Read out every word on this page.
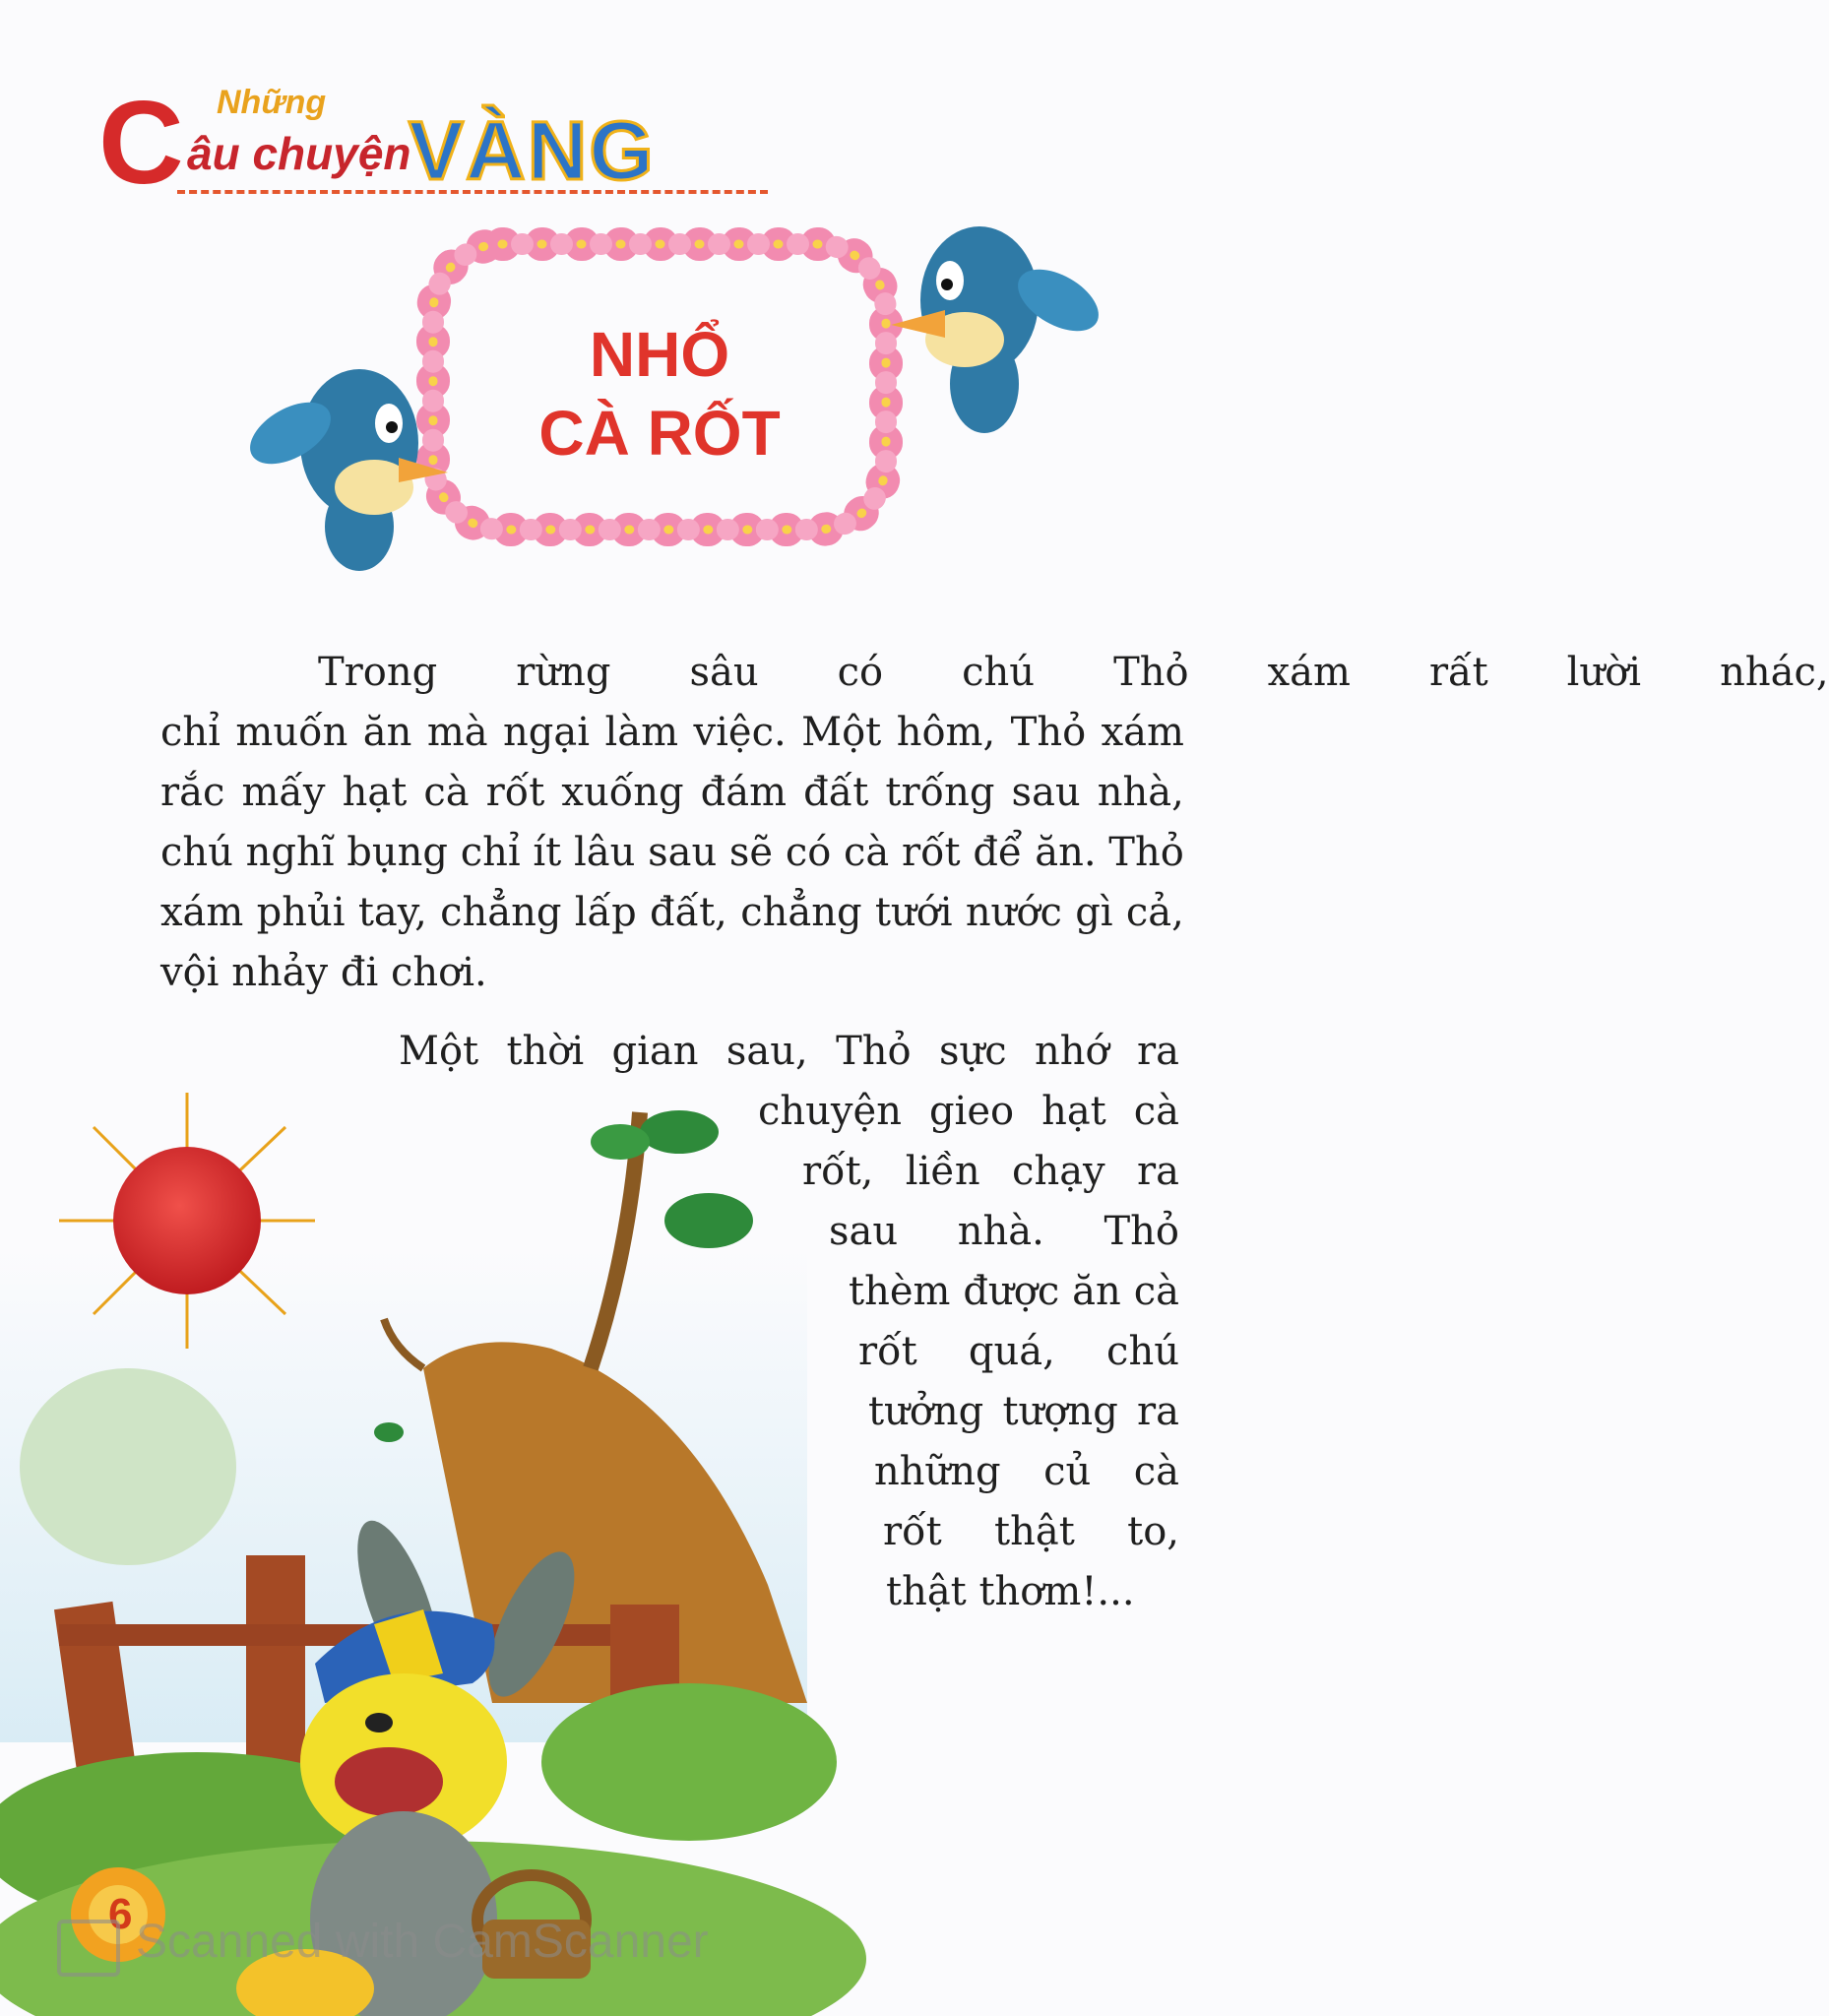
C Những
âu chuyện
VÀNG
NHỔ
CÀ RỐT
Trong	rừng	sâu	có	chú	Thỏ	xám	rất	lười	nhác,
chỉ muốn ăn mà ngại làm việc. Một hôm, Thỏ xám
rắc mấy hạt cà rốt xuống đám đất trống sau nhà,
chú nghĩ bụng chỉ ít lâu sau sẽ có cà rốt để ăn. Thỏ
xám phủi tay, chẳng lấp đất, chẳng tưới nước gì cả,
vội nhảy đi chơi.
Một thời gian sau, Thỏ sực nhớ ra
chuyện gieo hạt cà
rốt, liền chạy ra
sau nhà. Thỏ
thèm được ăn cà
rốt quá, chú
tưởng tượng ra
những củ cà
rốt thật to,
thật thơm!...
6
Scanned with CamScanner
